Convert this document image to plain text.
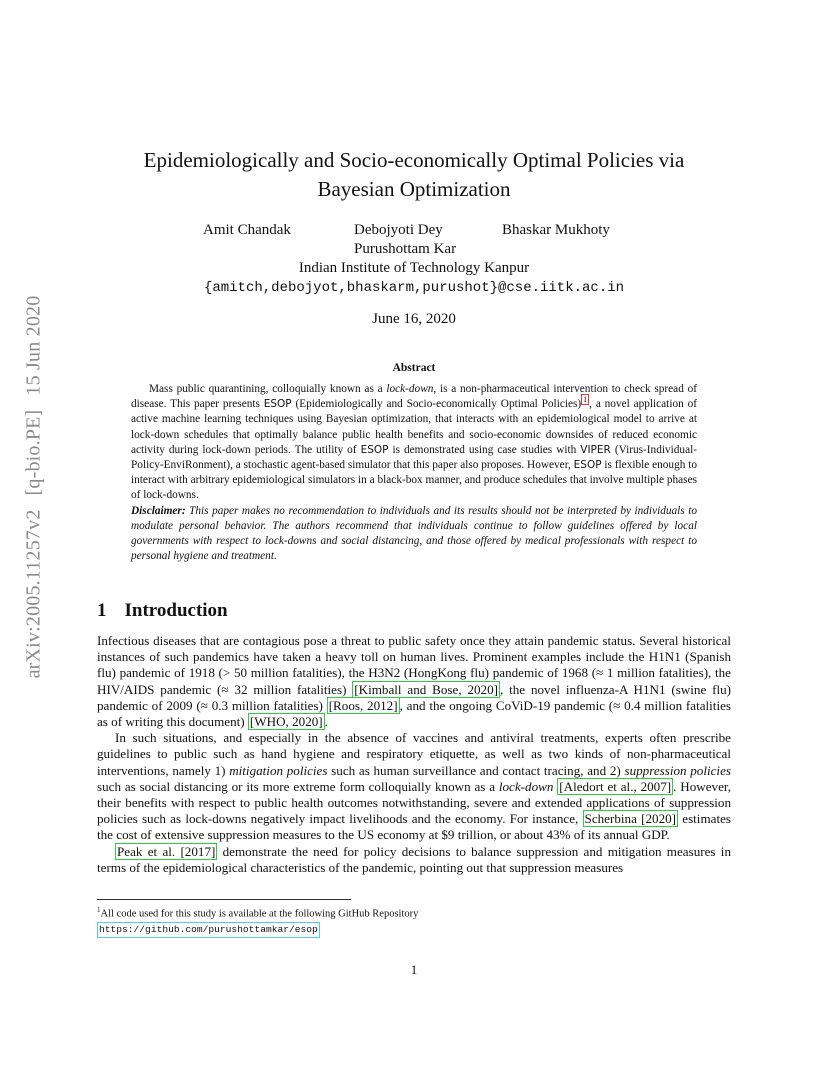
arXiv:2005.11257v2[q-bio.PE]15 Jun 2020
Epidemiologically and Socio-economically Optimal Policies via
Bayesian Optimization
Amit Chandak	Debojyoti Dey	Bhaskar Mukhoty
Purushottam Kar
Indian Institute of Technology Kanpur
{amitch,debojyot,bhaskarm,purushot}@cse.iitk.ac.in
June 16, 2020
Abstract

Mass public quarantining, colloquially known as a lock-down, is a non-pharmaceutical intervention to check spread of disease. This paper presents ESOP (Epidemiologically and Socio-economically Optimal Policies) $^1$ , a novel application of active machine learning techniques using Bayesian optimization, that interacts with an epidemiological model to arrive at lock-down schedules that optimally balance public health benefits and socio-economic downsides of reduced economic activity during lock-down periods. The utility of ESOP is demonstrated using case studies with VIPER (Virus-Individual-Policy-EnviRonment), a stochastic agent-based simulator that this paper also proposes. However, ESOP is flexible enough to interact with arbitrary epidemiological simulators in a black-box manner, and produce schedules that involve multiple phases of lock-downs.

Disclaimer: This paper makes no recommendation to individuals and its results should not be interpreted by individuals to modulate personal behavior. The authors recommend that individuals continue to follow guidelines offered by local governments with respect to lock-downs and social distancing, and those offered by medical professionals with respect to personal hygiene and treatment.

1 Introduction

Infectious diseases that are contagious pose a threat to public safety once they attain pandemic status. Several historical instances of such pandemics have taken a heavy toll on human lives. Prominent examples include the H1N1 (Spanish flu) pandemic of 1918 (> 50 million fatalities), the H3N2 (HongKong flu) pandemic of 1968 (≈ 1 million fatalities), the HIV/AIDS pandemic (≈ 32 million fatalities) [Kimball and Bose, 2020] , the novel influenza-A H1N1 (swine flu) pandemic of 2009 (≈ 0.3 million fatalities) [Roos, 2012] , and the ongoing CoViD-19 pandemic (≈ 0.4 million fatalities as of writing this document) [WHO, 2020] .

In such situations, and especially in the absence of vaccines and antiviral treatments, experts often prescribe guidelines to public such as hand hygiene and respiratory etiquette, as well as two kinds of non-pharmaceutical interventions, namely 1) mitigation policies such as human surveillance and contact tracing, and 2) suppression policies such as social distancing or its more extreme form colloquially known as a lock-down [Aledort et al., 2007] . However, their benefits with respect to public health outcomes notwithstanding, severe and extended applications of suppression policies such as lock-downs negatively impact livelihoods and the economy. For instance, Scherbina [2020] estimates the cost of extensive suppression measures to the US economy at $9 trillion, or about 43% of its annual GDP.

Peak et al. [2017] demonstrate the need for policy decisions to balance suppression and mitigation measures in terms of the epidemiological characteristics of the pandemic, pointing out that suppression measures

$^1$All code used for this study is available at the following GitHub Repository
https://github.com/purushottamkar/esop
1
